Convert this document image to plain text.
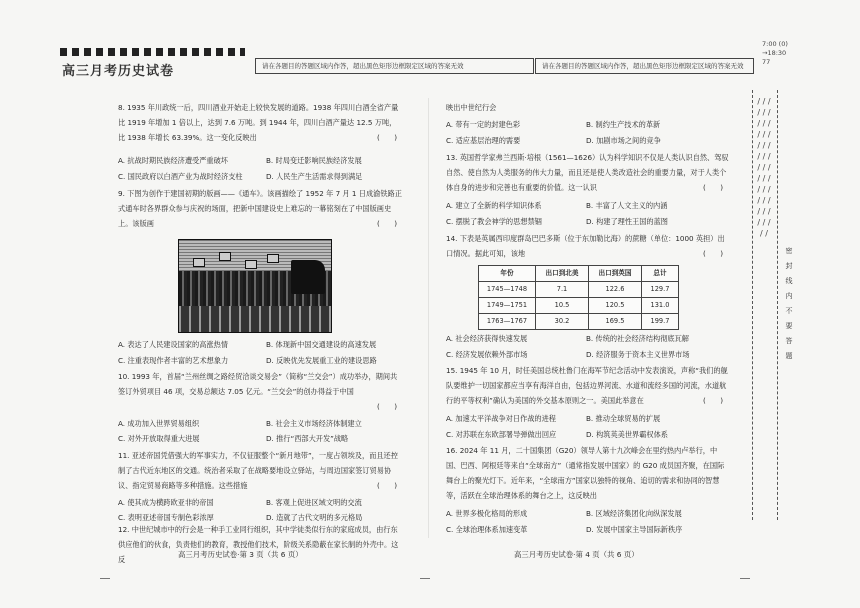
高三月考历史试卷	请在各题目的答题区域内作答，超出黑色矩形边框限定区域的答案无效	请在各题目的答题区域内作答，超出黑色矩形边框限定区域的答案无效
7:00 (0) →18:30 77
8. 1935 年川政统一后，四川酒业开始走上较快发展的道路。1938 年四川白酒全省产量比 1919 年增加 1 倍以上，达到 7.6 万吨。到 1944 年，四川白酒产量达 12.5 万吨，比 1938 年增长 63.39%。这一变化反映出	(　　)
A. 抗战时期民族经济遭受严重破坏	B. 时局变迁影响民族经济发展
C. 国民政府以白酒产业为战时经济支柱	D. 人民生产生活需求得到满足
9. 下图为创作于建国初期的版画——《通车》。该画描绘了 1952 年 7 月 1 日成渝铁路正式通车时各界群众参与庆祝的场面，把新中国建设史上难忘的一幕铭刻在了中国版画史上。该版画	(　　)
A. 表达了人民建设国家的高涨热情	B. 体现新中国交通建设的高速发展
C. 注重表现作者丰富的艺术想象力	D. 反映优先发展重工业的建设思路
10. 1993 年，首届“兰州丝绸之路经贸洽谈交易会”（简称“兰交会”）成功举办，期间共签订外贸项目 46 项，交易总额达 7.05 亿元。“兰交会”的创办得益于中国
(　　)
A. 成功加入世界贸易组织	B. 社会主义市场经济体制建立
C. 对外开放取得重大进展	D. 推行“西部大开发”战略
11. 亚述帝国凭借强大的军事实力，不仅征服整个“新月地带”，一度占领埃及，而且还控制了古代近东地区的交通。统治者采取了在战略要地设立驿站，与周边国家签订贸易协议、指定贸易商路等多种措施。这些措施	(　　)
A. 使其成为横跨欧亚非的帝国	B. 客观上促进区域文明的交流
C. 表明亚述帝国专制色彩浓厚	D. 造就了古代文明的多元格局
12. 中世纪城市中的行会是一种手工业同行组织，其中学徒类似行东的家庭成员，由行东供应他们的伙食，负责他们的教育，教授他们技术，阶级关系隐蔽在家长制的外壳中。这反
映出中世纪行会
A. 带有一定的封建色彩	B. 制约生产技术的革新
C. 适应基层治理的需要	D. 加剧市场之间的竞争
13. 英国哲学家弗兰西斯·培根（1561—1626）认为科学知识不仅是人类认识自然、驾驭自然、使自然为人类服务的伟大力量，而且还是使人类改造社会的重要力量，对于人类个体自身的进步和完善也有重要的价值。这一认识	(　　)
A. 建立了全新的科学知识体系	B. 丰富了人文主义的内涵
C. 摆脱了教会神学的思想禁锢	D. 构建了理性王国的蓝图
14. 下表是英属西印度群岛巴巴多斯（位于东加勒比海）的蔗糖（单位：1000 英担）出口情况。据此可知，该地	(　　)
年份	出口到北美	出口到英国	总计
1745—1748	7.1	122.6	129.7
1749—1751	10.5	120.5	131.0
1763—1767	30.2	169.5	199.7
A. 社会经济获得快速发展	B. 传统的社会经济结构彻底瓦解
C. 经济发展依赖外部市场	D. 经济服务于资本主义世界市场
15. 1945 年 10 月，时任美国总统杜鲁门在海军节纪念活动中发表演说，声称“我们的舰队要维护一切国家都应当享有海洋自由，包括边界河流、水道和流经多国的河流，水道航行的平等权利”确认为美国的外交基本原则之一。美国此举意在	(　　)
A. 加速太平洋战争对日作战的进程	B. 推动全球贸易的扩展
C. 对苏联在东欧部署导弹做出回应	D. 构筑英美世界霸权体系
16. 2024 年 11 月，二十国集团（G20）领导人第十九次峰会在里约热内卢举行，中国、巴西、阿根廷等来自“全球南方”（通常指发展中国家）的 G20 成员国齐聚，在国际舞台上的聚光灯下。近年来，“全球南方”国家以独特的视角、追切的需求和协同的智慧等，活跃在全球治理体系的舞台之上，这反映出
A. 世界多极化格局的形成	B. 区域经济集团化向纵深发展
C. 全球治理体系加速变革	D. 发展中国家主导国际新秩序
/ / / / / / / / / / / / / / / / / / / / / / / / / / / / / / / / / / / / / /
密封线内不要答题
高三月考历史试卷·第 3 页（共 6 页）	高三月考历史试卷·第 4 页（共 6 页）
